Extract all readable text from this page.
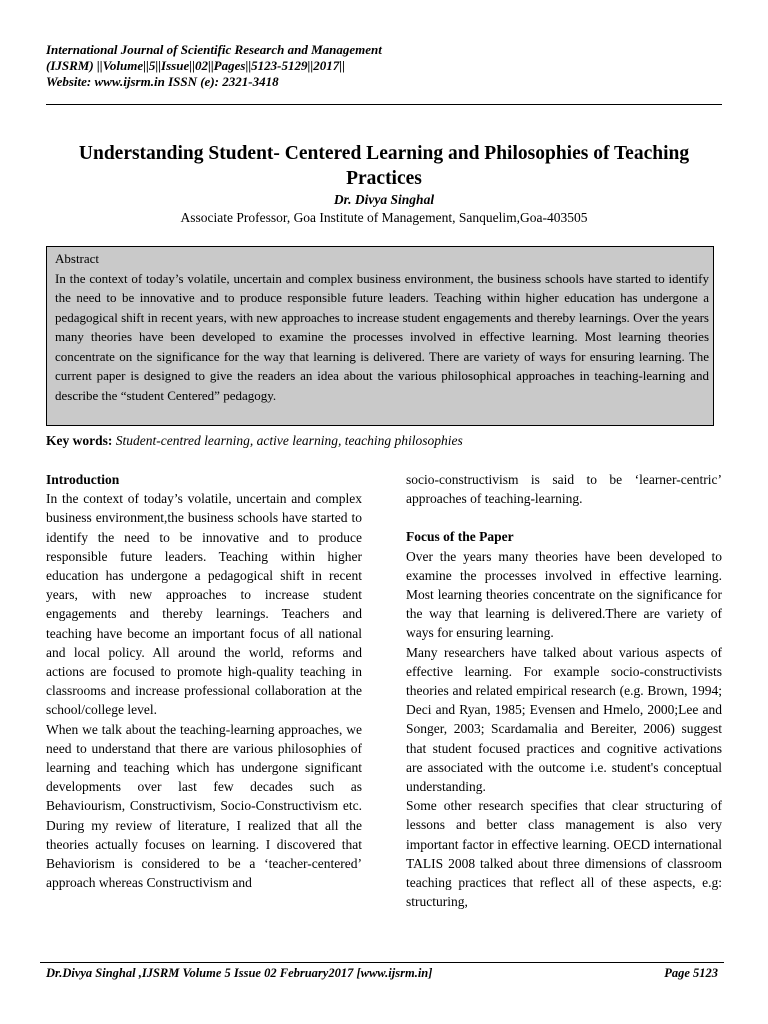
International Journal of Scientific Research and Management
(IJSRM) ||Volume||5||Issue||02||Pages||5123-5129||2017||
Website: www.ijsrm.in ISSN (e): 2321-3418
Understanding Student- Centered Learning and Philosophies of Teaching Practices
Dr. Divya Singhal
Associate Professor, Goa Institute of Management, Sanquelim,Goa-403505
Abstract
In the context of today’s volatile, uncertain and complex business environment, the business schools have started to identify the need to be innovative and to produce responsible future leaders. Teaching within higher education has undergone a pedagogical shift in recent years, with new approaches to increase student engagements and thereby learnings. Over the years many theories have been developed to examine the processes involved in effective learning. Most learning theories concentrate on the significance for the way that learning is delivered. There are variety of ways for ensuring learning. The current paper is designed to give the readers an idea about the various philosophical approaches in teaching-learning and describe the “student Centered” pedagogy.
Key words: Student-centred learning, active learning, teaching philosophies

Introduction

In the context of today’s volatile, uncertain and complex business environment,the business schools have started to identify the need to be innovative and to produce responsible future leaders. Teaching within higher education has undergone a pedagogical shift in recent years, with new approaches to increase student engagements and thereby learnings. Teachers and teaching have become an important focus of all national and local policy. All around the world, reforms and actions are focused to promote high-quality teaching in classrooms and increase professional collaboration at the school/college level.

When we talk about the teaching-learning approaches, we need to understand that there are various philosophies of learning and teaching which has undergone significant developments over last few decades such as Behaviourism, Constructivism, Socio-Constructivism etc. During my review of literature, I realized that all the theories actually focuses on learning. I discovered that Behaviorism is considered to be a ‘teacher-centered’ approach whereas Constructivism and

socio-constructivism is said to be ‘learner-centric’ approaches of teaching-learning.

Focus of the Paper

Over the years many theories have been developed to examine the processes involved in effective learning. Most learning theories concentrate on the significance for the way that learning is delivered.There are variety of ways for ensuring learning.

Many researchers have talked about various aspects of effective learning. For example socio-constructivists theories and related empirical research (e.g. Brown, 1994; Deci and Ryan, 1985; Evensen and Hmelo, 2000;Lee and Songer, 2003; Scardamalia and Bereiter, 2006) suggest that student focused practices and cognitive activations are associated with the outcome i.e. student's conceptual understanding.

Some other research specifies that clear structuring of lessons and better class management is also very important factor in effective learning. OECD international TALIS 2008 talked about three dimensions of classroom teaching practices that reflect all of these aspects, e.g: structuring,

Dr.Divya Singhal ,IJSRM Volume 5 Issue 02 February2017 [www.ijsrm.in]	Page 5123
